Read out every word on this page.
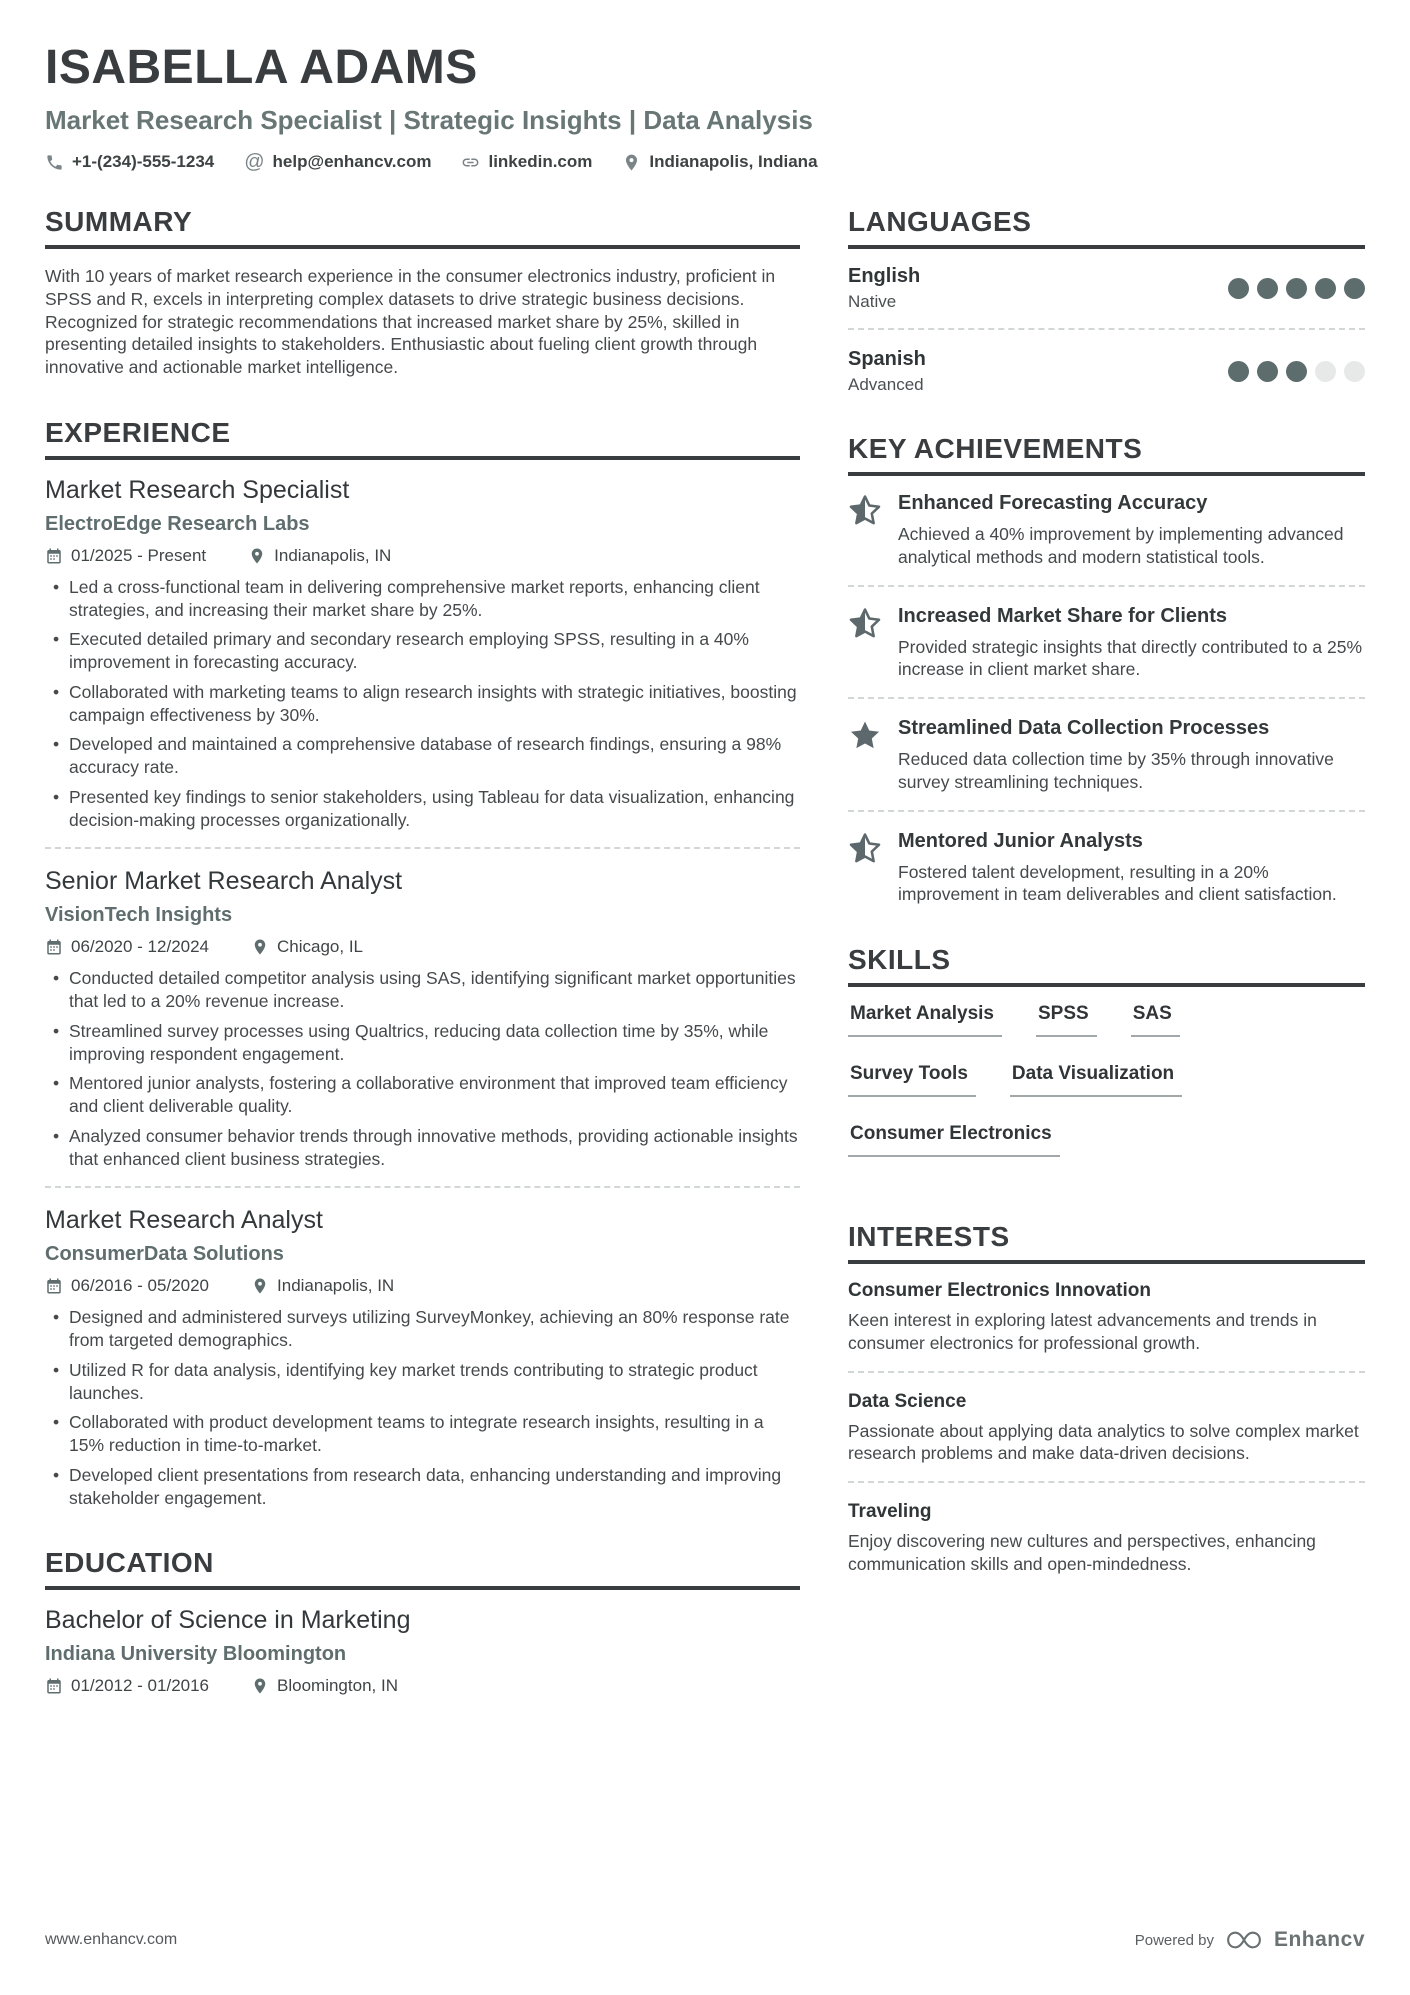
ISABELLA ADAMS
Market Research Specialist | Strategic Insights | Data Analysis
+1-(234)-555-1234 @ help@enhancv.com	linkedin.com	Indianapolis, Indiana
SUMMARY

With 10 years of market research experience in the consumer electronics industry, proficient in SPSS and R, excels in interpreting complex datasets to drive strategic business decisions. Recognized for strategic recommendations that increased market share by 25%, skilled in presenting detailed insights to stakeholders. Enthusiastic about fueling client growth through innovative and actionable market intelligence.

EXPERIENCE
Market Research Specialist
ElectroEdge Research Labs
01/2025 - Present	Indianapolis, IN
• Led a cross-functional team in delivering comprehensive market reports, enhancing client strategies, and increasing their market share by 25%.
• Executed detailed primary and secondary research employing SPSS, resulting in a 40% improvement in forecasting accuracy.
• Collaborated with marketing teams to align research insights with strategic initiatives, boosting campaign effectiveness by 30%.
• Developed and maintained a comprehensive database of research findings, ensuring a 98% accuracy rate.
• Presented key findings to senior stakeholders, using Tableau for data visualization, enhancing decision-making processes organizationally.
Senior Market Research Analyst
VisionTech Insights
06/2020 - 12/2024	Chicago, IL
• Conducted detailed competitor analysis using SAS, identifying significant market opportunities that led to a 20% revenue increase.
• Streamlined survey processes using Qualtrics, reducing data collection time by 35%, while improving respondent engagement.
• Mentored junior analysts, fostering a collaborative environment that improved team efficiency and client deliverable quality.
• Analyzed consumer behavior trends through innovative methods, providing actionable insights that enhanced client business strategies.
Market Research Analyst
ConsumerData Solutions
06/2016 - 05/2020	Indianapolis, IN
• Designed and administered surveys utilizing SurveyMonkey, achieving an 80% response rate from targeted demographics.
• Utilized R for data analysis, identifying key market trends contributing to strategic product launches.
• Collaborated with product development teams to integrate research insights, resulting in a 15% reduction in time-to-market.
• Developed client presentations from research data, enhancing understanding and improving stakeholder engagement.
EDUCATION
Bachelor of Science in Marketing
Indiana University Bloomington
01/2012 - 01/2016	Bloomington, IN
LANGUAGES
English
Native
Spanish
Advanced
KEY ACHIEVEMENTS
Enhanced Forecasting Accuracy
Achieved a 40% improvement by implementing advanced analytical methods and modern statistical tools.
Increased Market Share for Clients
Provided strategic insights that directly contributed to a 25% increase in client market share.
Streamlined Data Collection Processes
Reduced data collection time by 35% through innovative survey streamlining techniques.
Mentored Junior Analysts
Fostered talent development, resulting in a 20% improvement in team deliverables and client satisfaction.
SKILLS
Market Analysis	SPSS	SAS
Survey Tools	Data Visualization
Consumer Electronics
INTERESTS
Consumer Electronics Innovation
Keen interest in exploring latest advancements and trends in consumer electronics for professional growth.
Data Science
Passionate about applying data analytics to solve complex market research problems and make data-driven decisions.
Traveling
Enjoy discovering new cultures and perspectives, enhancing communication skills and open-mindedness.
www.enhancv.com	Powered by	Enhancv
